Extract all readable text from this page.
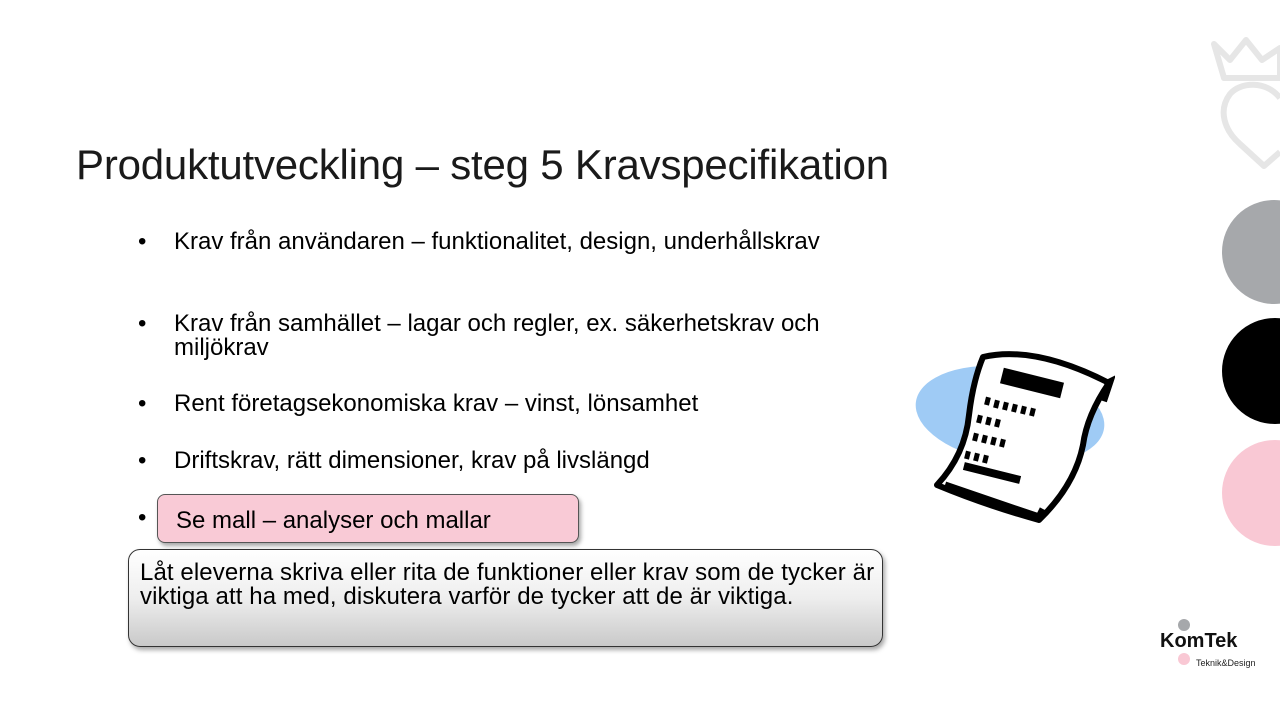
Produktutveckling – steg 5 Kravspecifikation
• Krav från användaren – funktionalitet, design, underhållskrav
• Krav från samhället – lagar och regler, ex. säkerhetskrav och miljökrav
• Rent företagsekonomiska krav – vinst, lönsamhet
• Driftskrav, rätt dimensioner, krav på livslängd
• Se mall – analyser och mallar
Låt eleverna skriva eller rita de funktioner eller krav som de tycker är viktiga att ha med, diskutera varför de tycker att de är viktiga.
KomTek
Teknik&Design
